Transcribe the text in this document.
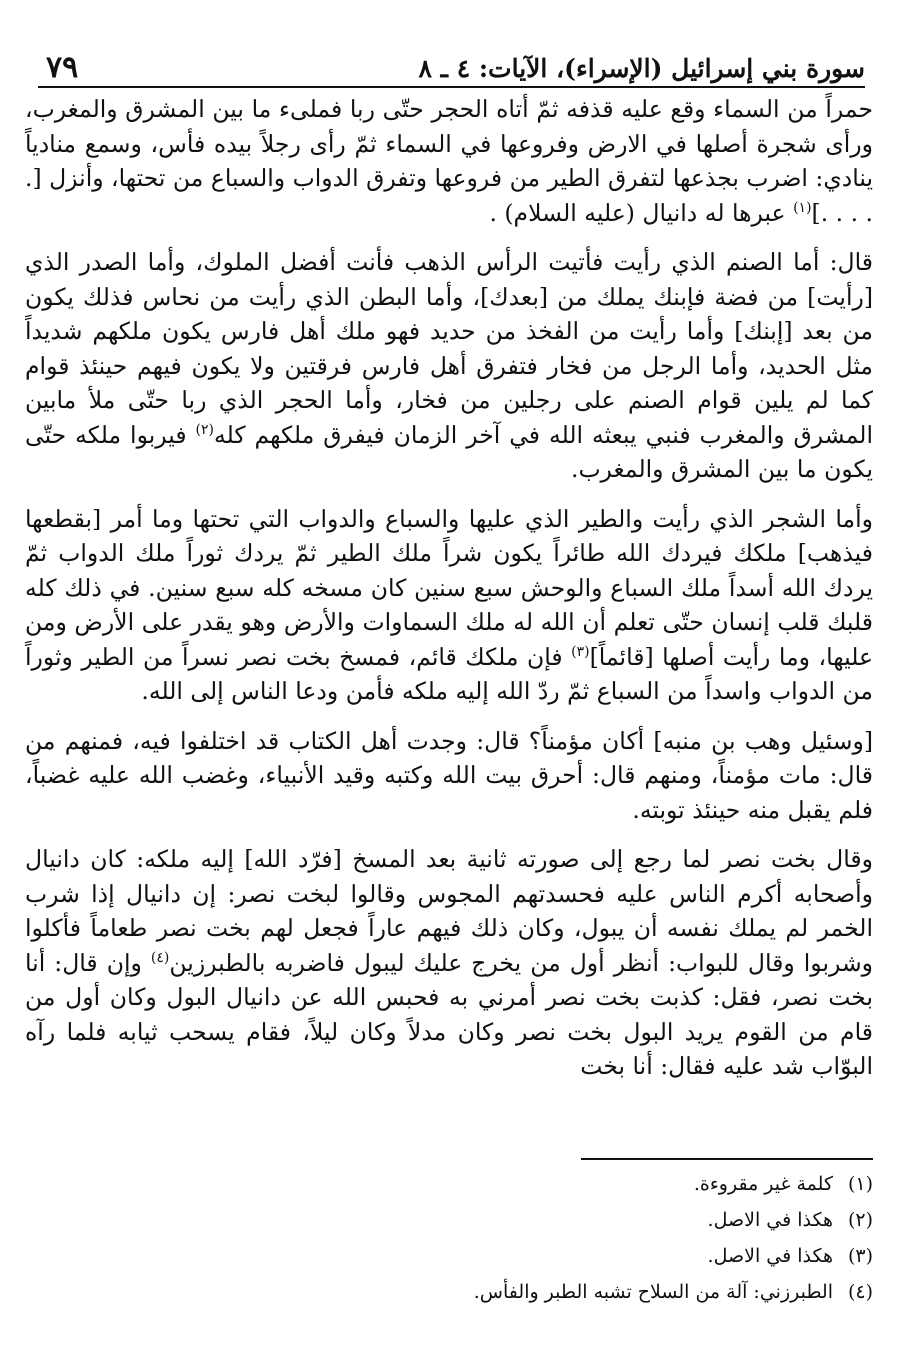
سورة بني إسرائيل (الإسراء)، الآيات: ٤ ـ ٨
٧٩

حمراً من السماء وقع عليه قذفه ثمّ أتاه الحجر حتّى ربا فملىء ما بين المشرق والمغرب، ورأى شجرة أصلها في الارض وفروعها في السماء ثمّ رأى رجلاً بيده فأس، وسمع منادياً ينادي: اضرب بجذعها لتفرق الطير من فروعها وتفرق الدواب والسباع من تحتها، وأنزل [. . . . .]$^{(١)}$ عبرها له دانيال (عليه السلام) .

قال: أما الصنم الذي رأيت فأتيت الرأس الذهب فأنت أفضل الملوك، وأما الصدر الذي [رأيت] من فضة فإبنك يملك من [بعدك]، وأما البطن الذي رأيت من نحاس فذلك يكون من بعد [إبنك] وأما رأيت من الفخذ من حديد فهو ملك أهل فارس يكون ملكهم شديداً مثل الحديد، وأما الرجل من فخار فتفرق أهل فارس فرقتين ولا يكون فيهم حينئذ قوام كما لم يلين قوام الصنم على رجلين من فخار، وأما الحجر الذي ربا حتّى ملأ مابين المشرق والمغرب فنبي يبعثه الله في آخر الزمان فيفرق ملكهم كله$^{(٢)}$ فيربوا ملكه حتّى يكون ما بين المشرق والمغرب.

وأما الشجر الذي رأيت والطير الذي عليها والسباع والدواب التي تحتها وما أمر [بقطعها فيذهب] ملكك فيردك الله طائراً يكون شراً ملك الطير ثمّ يردك ثوراً ملك الدواب ثمّ يردك الله أسداً ملك السباع والوحش سبع سنين كان مسخه كله سبع سنين. في ذلك كله قلبك قلب إنسان حتّى تعلم أن الله له ملك السماوات والأرض وهو يقدر على الأرض ومن عليها، وما رأيت أصلها [قائماً]$^{(٣)}$ فإن ملكك قائم، فمسخ بخت نصر نسراً من الطير وثوراً من الدواب واسداً من السباع ثمّ ردّ الله إليه ملكه فأمن ودعا الناس إلى الله.

[وسئيل وهب بن منبه] أكان مؤمناً؟ قال: وجدت أهل الكتاب قد اختلفوا فيه، فمنهم من قال: مات مؤمناً، ومنهم قال: أحرق بيت الله وكتبه وقيد الأنبياء، وغضب الله عليه غضباً، فلم يقبل منه حينئذ توبته.

وقال بخت نصر لما رجع إلى صورته ثانية بعد المسخ [فرّد الله] إليه ملكه: كان دانيال وأصحابه أكرم الناس عليه فحسدتهم المجوس وقالوا لبخت نصر: إن دانيال إذا شرب الخمر لم يملك نفسه أن يبول، وكان ذلك فيهم عاراً فجعل لهم بخت نصر طعاماً فأكلوا وشربوا وقال للبواب: أنظر أول من يخرج عليك ليبول فاضربه بالطبرزين$^{(٤)}$ وإن قال: أنا بخت نصر، فقل: كذبت بخت نصر أمرني به فحبس الله عن دانيال البول وكان أول من قام من القوم يريد البول بخت نصر وكان مدلاً وكان ليلاً، فقام يسحب ثيابه فلما رآه البوّاب شد عليه فقال: أنا بخت

(١)
كلمة غير مقروءة.
(٢)
هكذا في الاصل.
(٣)
هكذا في الاصل.
(٤)
الطبرزني: آلة من السلاح تشبه الطبر والفأس.
